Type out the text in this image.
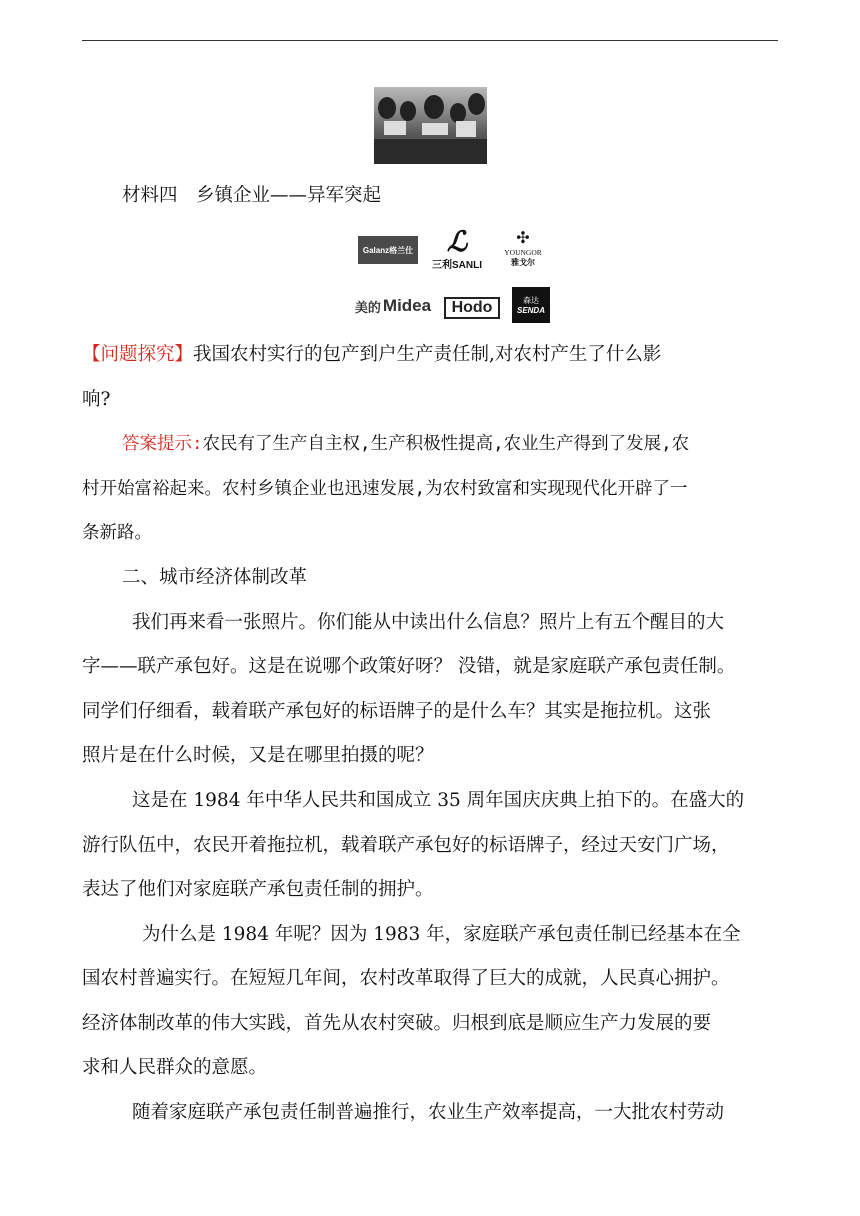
材料四　乡镇企业——异军突起
Galanz格兰仕 ℒ
三利SANLI
✣
YOUNGOR
雅戈尔
美的 Midea Hodo	森达
SENDA
【问题探究】我国农村实行的包产到户生产责任制,对农村产生了什么影
响?
答案提示:农民有了生产自主权,生产积极性提高,农业生产得到了发展,农
村开始富裕起来。农村乡镇企业也迅速发展,为农村致富和实现现代化开辟了一
条新路。
二、城市经济体制改革
我们再来看一张照片。你们能从中读出什么信息？照片上有五个醒目的大
字——联产承包好。这是在说哪个政策好呀？ 没错，就是家庭联产承包责任制。
同学们仔细看，载着联产承包好的标语牌子的是什么车？其实是拖拉机。这张
照片是在什么时候，又是在哪里拍摄的呢？
这是在 1984 年中华人民共和国成立 35 周年国庆庆典上拍下的。在盛大的
游行队伍中，农民开着拖拉机，载着联产承包好的标语牌子，经过天安门广场，
表达了他们对家庭联产承包责任制的拥护。
为什么是 1984 年呢？因为 1983 年，家庭联产承包责任制已经基本在全
国农村普遍实行。在短短几年间，农村改革取得了巨大的成就，人民真心拥护。
经济体制改革的伟大实践，首先从农村突破。归根到底是顺应生产力发展的要
求和人民群众的意愿。
随着家庭联产承包责任制普遍推行，农业生产效率提高，一大批农村劳动
